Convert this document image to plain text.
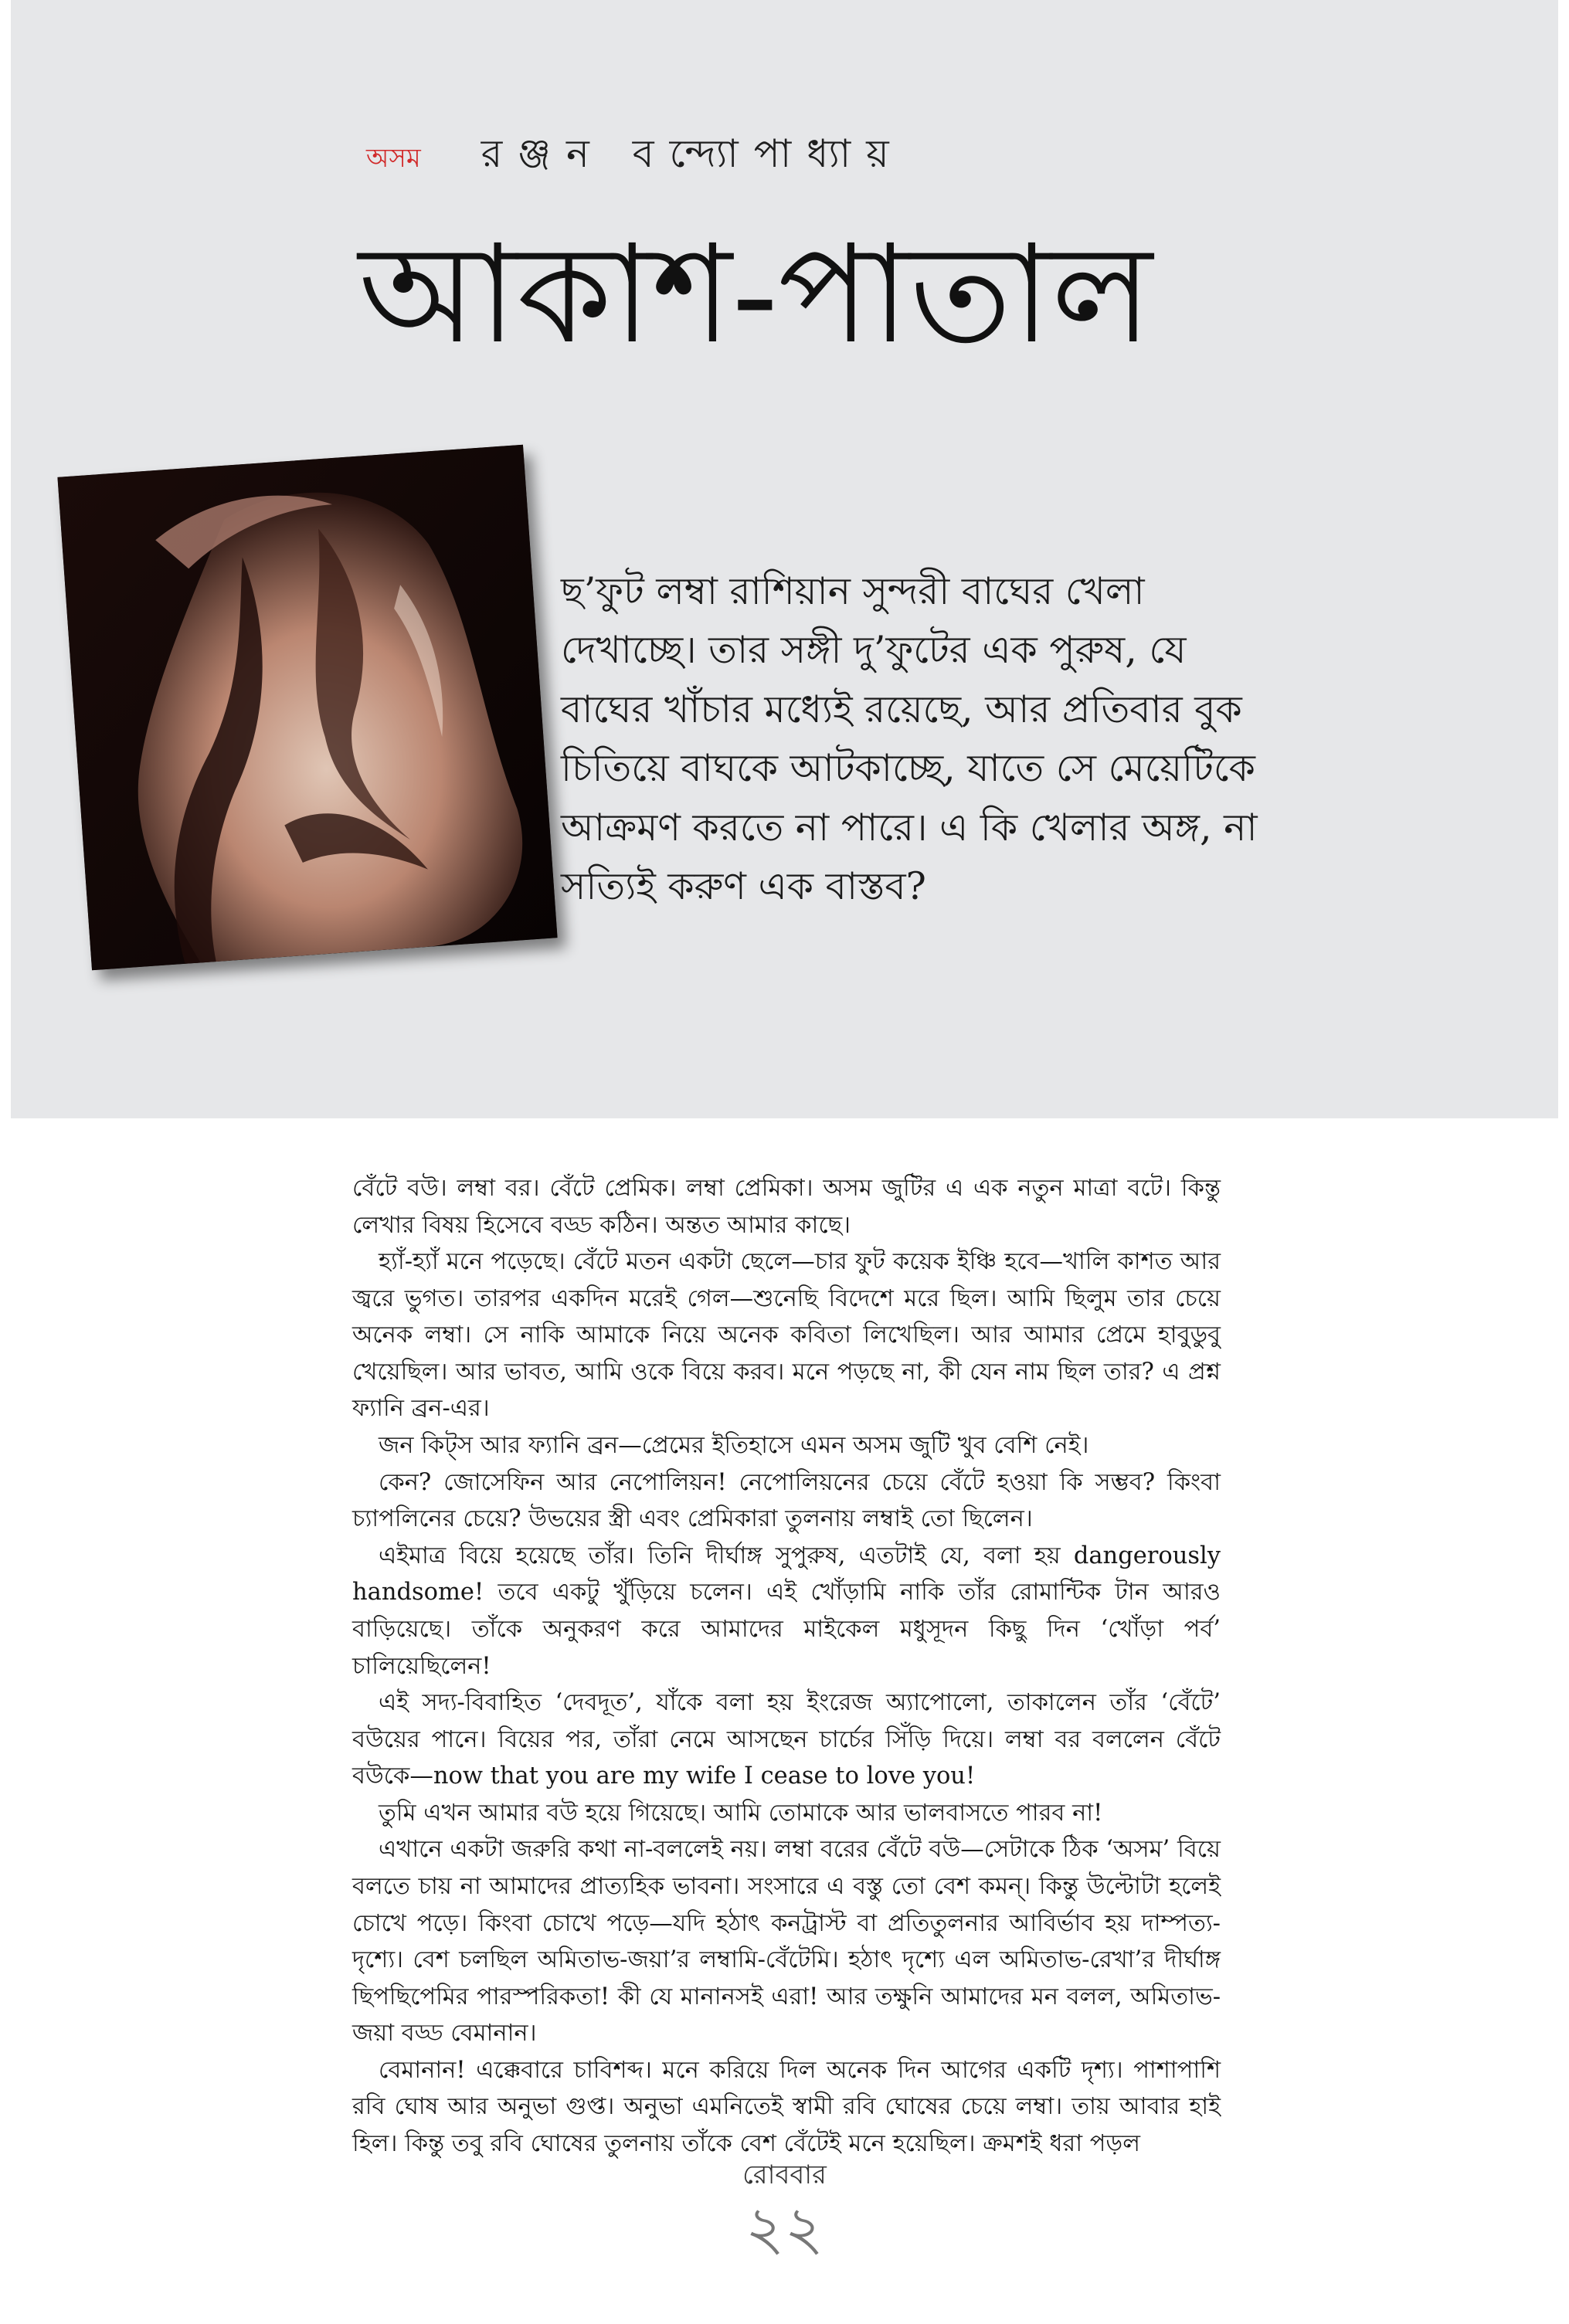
অসম রঞ্জন বন্দ্যোপাধ্যায়
আকাশ-পাতাল

ছ’ফুট লম্বা রাশিয়ান সুন্দরী বাঘের খেলা

দেখাচ্ছে। তার সঙ্গী দু’ফুটের এক পুরুষ, যে

বাঘের খাঁচার মধ্যেই রয়েছে, আর প্রতিবার বুক

চিতিয়ে বাঘকে আটকাচ্ছে, যাতে সে মেয়েটিকে

আক্রমণ করতে না পারে। এ কি খেলার অঙ্গ, না

সত্যিই করুণ এক বাস্তব?

বেঁটে বউ। লম্বা বর। বেঁটে প্রেমিক। লম্বা প্রেমিকা। অসম জুটির এ এক নতুন মাত্রা বটে। কিন্তু লেখার বিষয় হিসেবে বড্ড কঠিন। অন্তত আমার কাছে।

হ্যাঁ-হ্যাঁ মনে পড়েছে। বেঁটে মতন একটা ছেলে—চার ফুট কয়েক ইঞ্চি হবে—খালি কাশত আর জ্বরে ভুগত। তারপর একদিন মরেই গেল—শুনেছি বিদেশে মরে ছিল। আমি ছিলুম তার চেয়ে অনেক লম্বা। সে নাকি আমাকে নিয়ে অনেক কবিতা লিখেছিল। আর আমার প্রেমে হাবুডুবু খেয়েছিল। আর ভাবত, আমি ওকে বিয়ে করব। মনে পড়ছে না, কী যেন নাম ছিল তার? এ প্রশ্ন ফ্যানি ব্রন-এর।

জন কিট্স আর ফ্যানি ব্রন—প্রেমের ইতিহাসে এমন অসম জুটি খুব বেশি নেই।

কেন? জোসেফিন আর নেপোলিয়ন! নেপোলিয়নের চেয়ে বেঁটে হওয়া কি সম্ভব? কিংবা চ্যাপলিনের চেয়ে? উভয়ের স্ত্রী এবং প্রেমিকারা তুলনায় লম্বাই তো ছিলেন।

এইমাত্র বিয়ে হয়েছে তাঁর। তিনি দীর্ঘাঙ্গ সুপুরুষ, এতটাই যে, বলা হয় dangerously handsome! তবে একটু খুঁড়িয়ে চলেন। এই খোঁড়ামি নাকি তাঁর রোমান্টিক টান আরও বাড়িয়েছে। তাঁকে অনুকরণ করে আমাদের মাইকেল মধুসূদন কিছু দিন ‘খোঁড়া পর্ব’ চালিয়েছিলেন!

এই সদ্য-বিবাহিত ‘দেবদূত’, যাঁকে বলা হয় ইংরেজ অ্যাপোলো, তাকালেন তাঁর ‘বেঁটে’ বউয়ের পানে। বিয়ের পর, তাঁরা নেমে আসছেন চার্চের সিঁড়ি দিয়ে। লম্বা বর বললেন বেঁটে বউকে—now that you are my wife I cease to love you!

তুমি এখন আমার বউ হয়ে গিয়েছে। আমি তোমাকে আর ভালবাসতে পারব না!

এখানে একটা জরুরি কথা না-বললেই নয়। লম্বা বরের বেঁটে বউ—সেটাকে ঠিক ‘অসম’ বিয়ে বলতে চায় না আমাদের প্রাত্যহিক ভাবনা। সংসারে এ বস্তু তো বেশ কমন্। কিন্তু উল্টোটা হলেই চোখে পড়ে। কিংবা চোখে পড়ে—যদি হঠাৎ কনট্রাস্ট বা প্রতিতুলনার আবির্ভাব হয় দাম্পত্য-দৃশ্যে। বেশ চলছিল অমিতাভ-জয়া’র লম্বামি-বেঁটেমি। হঠাৎ দৃশ্যে এল অমিতাভ-রেখা’র দীর্ঘাঙ্গ ছিপছিপেমির পারস্পরিকতা! কী যে মানানসই এরা! আর তক্ষুনি আমাদের মন বলল, অমিতাভ-জয়া বড্ড বেমানান।

বেমানান! এক্কেবারে চাবিশব্দ। মনে করিয়ে দিল অনেক দিন আগের একটি দৃশ্য। পাশাপাশি রবি ঘোষ আর অনুভা গুপ্ত। অনুভা এমনিতেই স্বামী রবি ঘোষের চেয়ে লম্বা। তায় আবার হাই হিল। কিন্তু তবু রবি ঘোষের তুলনায় তাঁকে বেশ বেঁটেই মনে হয়েছিল। ক্রমশই ধরা পড়ল

রোববার
২২
